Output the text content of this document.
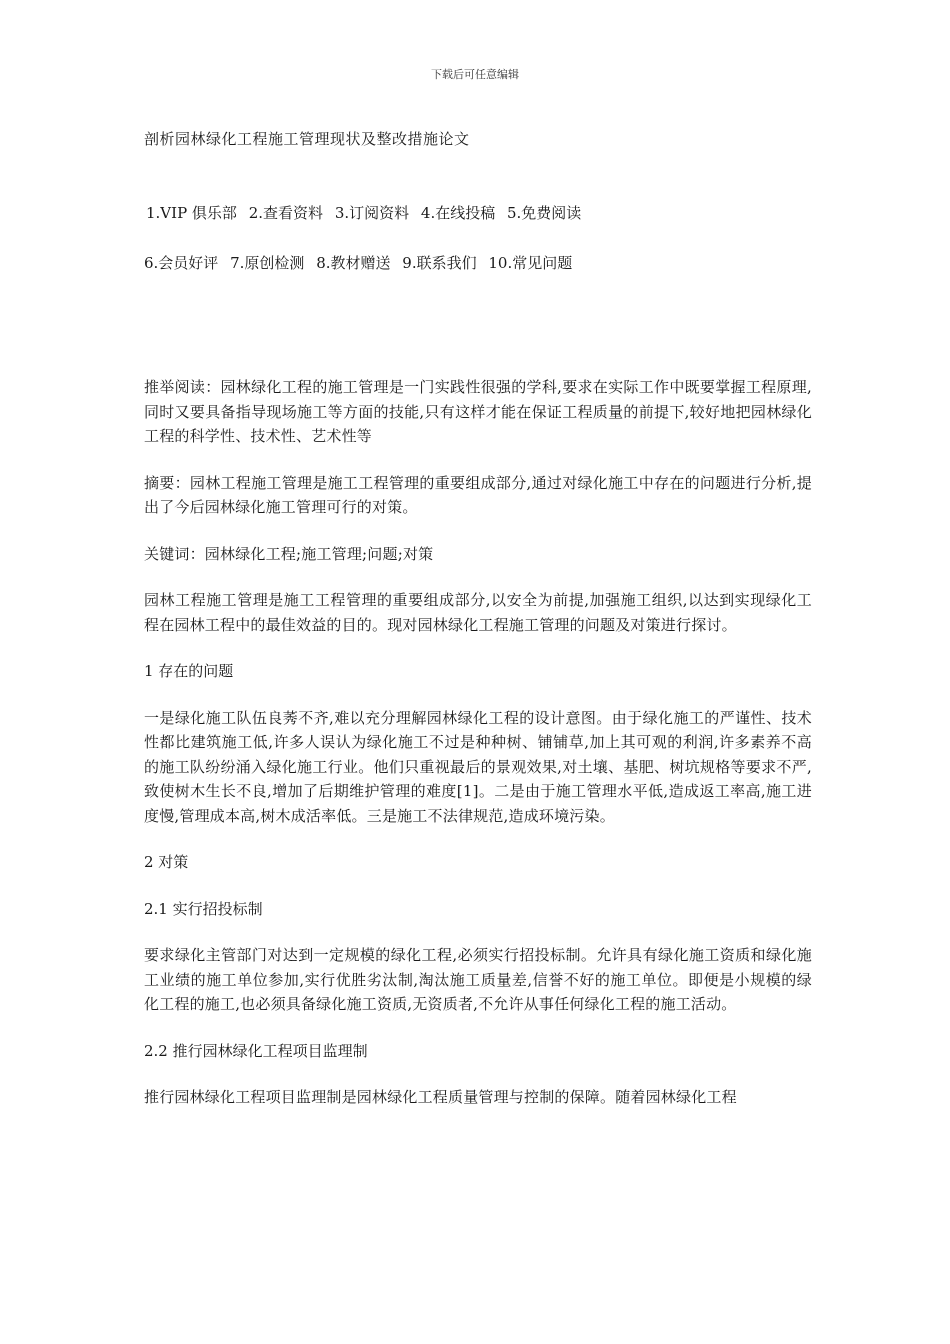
下载后可任意编辑
剖析园林绿化工程施工管理现状及整改措施论文
1.VIP 俱乐部 2.查看资料 3.订阅资料 4.在线投稿 5.免费阅读
6.会员好评 7.原创检测 8.教材赠送 9.联系我们 10.常见问题

推举阅读：园林绿化工程的施工管理是一门实践性很强的学科,要求在实际工作中既要掌握工程原理,同时又要具备指导现场施工等方面的技能,只有这样才能在保证工程质量的前提下,较好地把园林绿化工程的科学性、技术性、艺术性等

摘要：园林工程施工管理是施工工程管理的重要组成部分,通过对绿化施工中存在的问题进行分析,提出了今后园林绿化施工管理可行的对策。

关键词：园林绿化工程;施工管理;问题;对策

园林工程施工管理是施工工程管理的重要组成部分,以安全为前提,加强施工组织,以达到实现绿化工程在园林工程中的最佳效益的目的。现对园林绿化工程施工管理的问题及对策进行探讨。

1 存在的问题

一是绿化施工队伍良莠不齐,难以充分理解园林绿化工程的设计意图。由于绿化施工的严谨性、技术性都比建筑施工低,许多人误认为绿化施工不过是种种树、铺铺草,加上其可观的利润,许多素养不高的施工队纷纷涌入绿化施工行业。他们只重视最后的景观效果,对土壤、基肥、树坑规格等要求不严,致使树木生长不良,增加了后期维护管理的难度[1]。二是由于施工管理水平低,造成返工率高,施工进度慢,管理成本高,树木成活率低。三是施工不法律规范,造成环境污染。

2 对策

2.1 实行招投标制

要求绿化主管部门对达到一定规模的绿化工程,必须实行招投标制。允许具有绿化施工资质和绿化施工业绩的施工单位参加,实行优胜劣汰制,淘汰施工质量差,信誉不好的施工单位。即便是小规模的绿化工程的施工,也必须具备绿化施工资质,无资质者,不允许从事任何绿化工程的施工活动。

2.2 推行园林绿化工程项目监理制

推行园林绿化工程项目监理制是园林绿化工程质量管理与控制的保障。随着园林绿化工程
